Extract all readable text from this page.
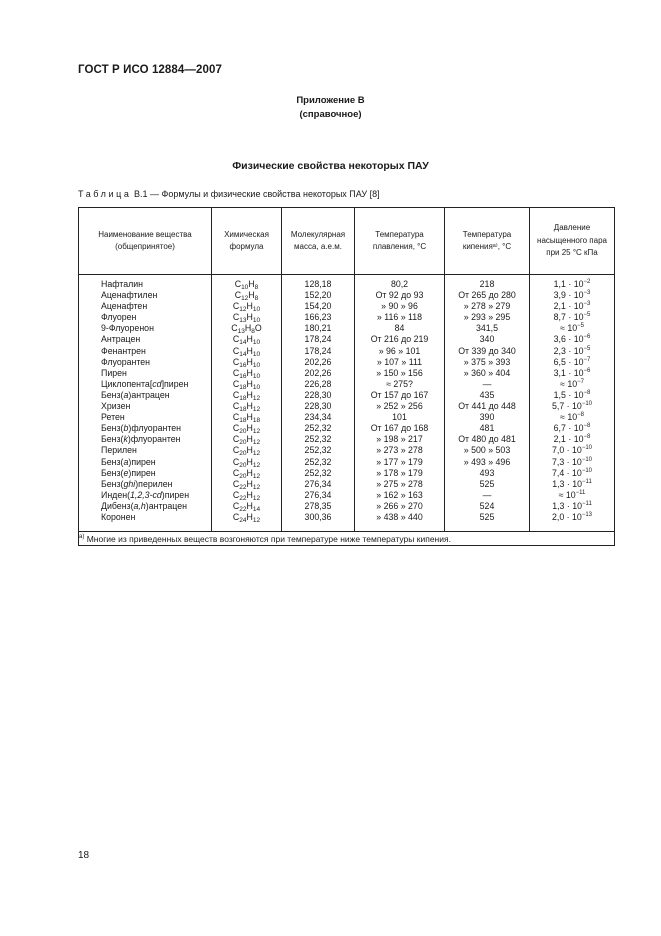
ГОСТ Р ИСО 12884—2007
Приложение В
(справочное)
Физические свойства некоторых ПАУ
Таблица В.1 — Формулы и физические свойства некоторых ПАУ [8]
Наименование вещества (общепринятое)	Химическая формула	Молекулярная масса, а.е.м.	Температура плавления, °С	Температура кипенияᵃ⁾, °С	Давление насыщенного пара при 25 °С кПа
Нафталин	$C_{10}H_8$	128,18	80,2	218	$1,1 \cdot 10^{-2}$
Аценафтилен	$C_{12}H_8$	152,20	От 92 до 93	От 265 до 280	$3,9 \cdot 10^{-3}$
Аценафтен	$C_{12}H_{10}$	154,20	» 90 » 96	» 278 » 279	$2,1 \cdot 10^{-3}$
Флуорен	$C_{13}H_{10}$	166,23	» 116 » 118	» 293 » 295	$8,7 \cdot 10^{-5}$
9-Флуоренон	$C_{13}H_8O$	180,21	84	341,5	≈ $10^{-5}$
Антрацен	$C_{14}H_{10}$	178,24	От 216 до 219	340	$3,6 \cdot 10^{-6}$
Фенантрен	$C_{14}H_{10}$	178,24	» 96 » 101	От 339 до 340	$2,3 \cdot 10^{-5}$
Флуорантен	$C_{16}H_{10}$	202,26	» 107 » 111	» 375 » 393	$6,5 \cdot 10^{-7}$
Пирен	$C_{16}H_{10}$	202,26	» 150 » 156	» 360 » 404	$3,1 \cdot 10^{-6}$
Циклопента[cd]пирен	$C_{18}H_{10}$	226,28	≈ 275?	—	≈ $10^{-7}$
Бенз(а)антрацен	$C_{18}H_{12}$	228,30	От 157 до 167	435	$1,5 \cdot 10^{-8}$
Хризен	$C_{18}H_{12}$	228,30	» 252 » 256	От 441 до 448	$5,7 \cdot 10^{-10}$
Ретен	$C_{18}H_{18}$	234,34	101	390	≈ $10^{-8}$
Бенз(b)флуорантен	$C_{20}H_{12}$	252,32	От 167 до 168	481	$6,7 \cdot 10^{-8}$
Бенз(k)флуорантен	$C_{20}H_{12}$	252,32	» 198 » 217	От 480 до 481	$2,1 \cdot 10^{-8}$
Перилен	$C_{20}H_{12}$	252,32	» 273 » 278	» 500 » 503	$7,0 \cdot 10^{-10}$
Бенз(а)пирен	$C_{20}H_{12}$	252,32	» 177 » 179	» 493 » 496	$7,3 \cdot 10^{-10}$
Бенз(е)пирен	$C_{20}H_{12}$	252,32	» 178 » 179	493	$7,4 \cdot 10^{-10}$
Бенз(ghi)перилен	$C_{22}H_{12}$	276,34	» 275 » 278	525	$1,3 \cdot 10^{-11}$
Инден(1,2,3-cd)пирен	$C_{22}H_{12}$	276,34	» 162 » 163	—	≈ $10^{-11}$
Дибенз(а,h)антрацен	$C_{22}H_{14}$	278,35	» 266 » 270	524	$1,3 \cdot 10^{-11}$
Коронен	$C_{24}H_{12}$	300,36	» 438 » 440	525	$2,0 \cdot 10^{-13}$
$^{а)}$ Многие из приведенных веществ возгоняются при температуре ниже температуры кипения.					
18
